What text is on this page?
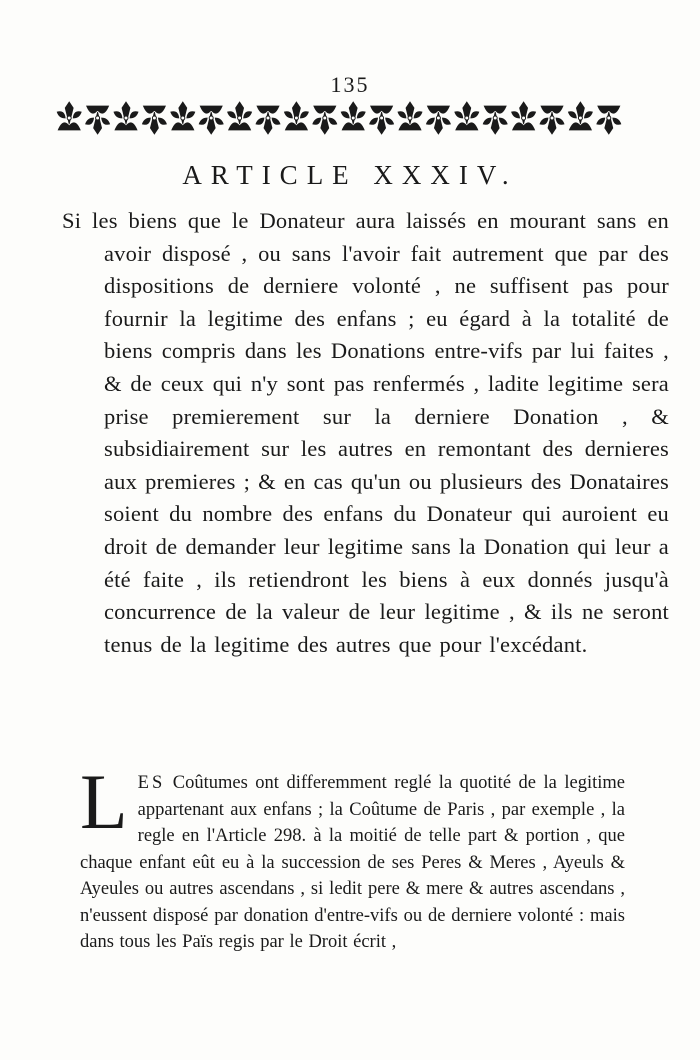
135
ARTICLE XXXIV.
Si les biens que le Donateur aura laissés en mourant sans en avoir disposé , ou sans l'avoir fait autrement que par des dispositions de derniere volonté , ne suffisent pas pour fournir la legitime des enfans ; eu égard à la totalité de biens compris dans les Donations entre-vifs par lui faites , & de ceux qui n'y sont pas renfermés , ladite legitime sera prise premierement sur la derniere Donation , & subsidiairement sur les autres en remontant des dernieres aux premieres ; & en cas qu'un ou plusieurs des Donataires soient du nombre des enfans du Donateur qui auroient eu droit de demander leur legitime sans la Donation qui leur a été faite , ils retiendront les biens à eux donnés jusqu'à concurrence de la valeur de leur legitime , & ils ne seront tenus de la legitime des autres que pour l'excédant.
LES Coûtumes ont differemment reglé la quotité de la legitime appartenant aux enfans ; la Coûtume de Paris , par exemple , la regle en l'Article 298. à la moitié de telle part & portion , que chaque enfant eût eu à la succession de ses Peres & Meres , Ayeuls & Ayeules ou autres ascendans , si ledit pere & mere & autres ascendans , n'eussent disposé par donation d'entre-vifs ou de derniere volonté : mais dans tous les Païs regis par le Droit écrit ,
